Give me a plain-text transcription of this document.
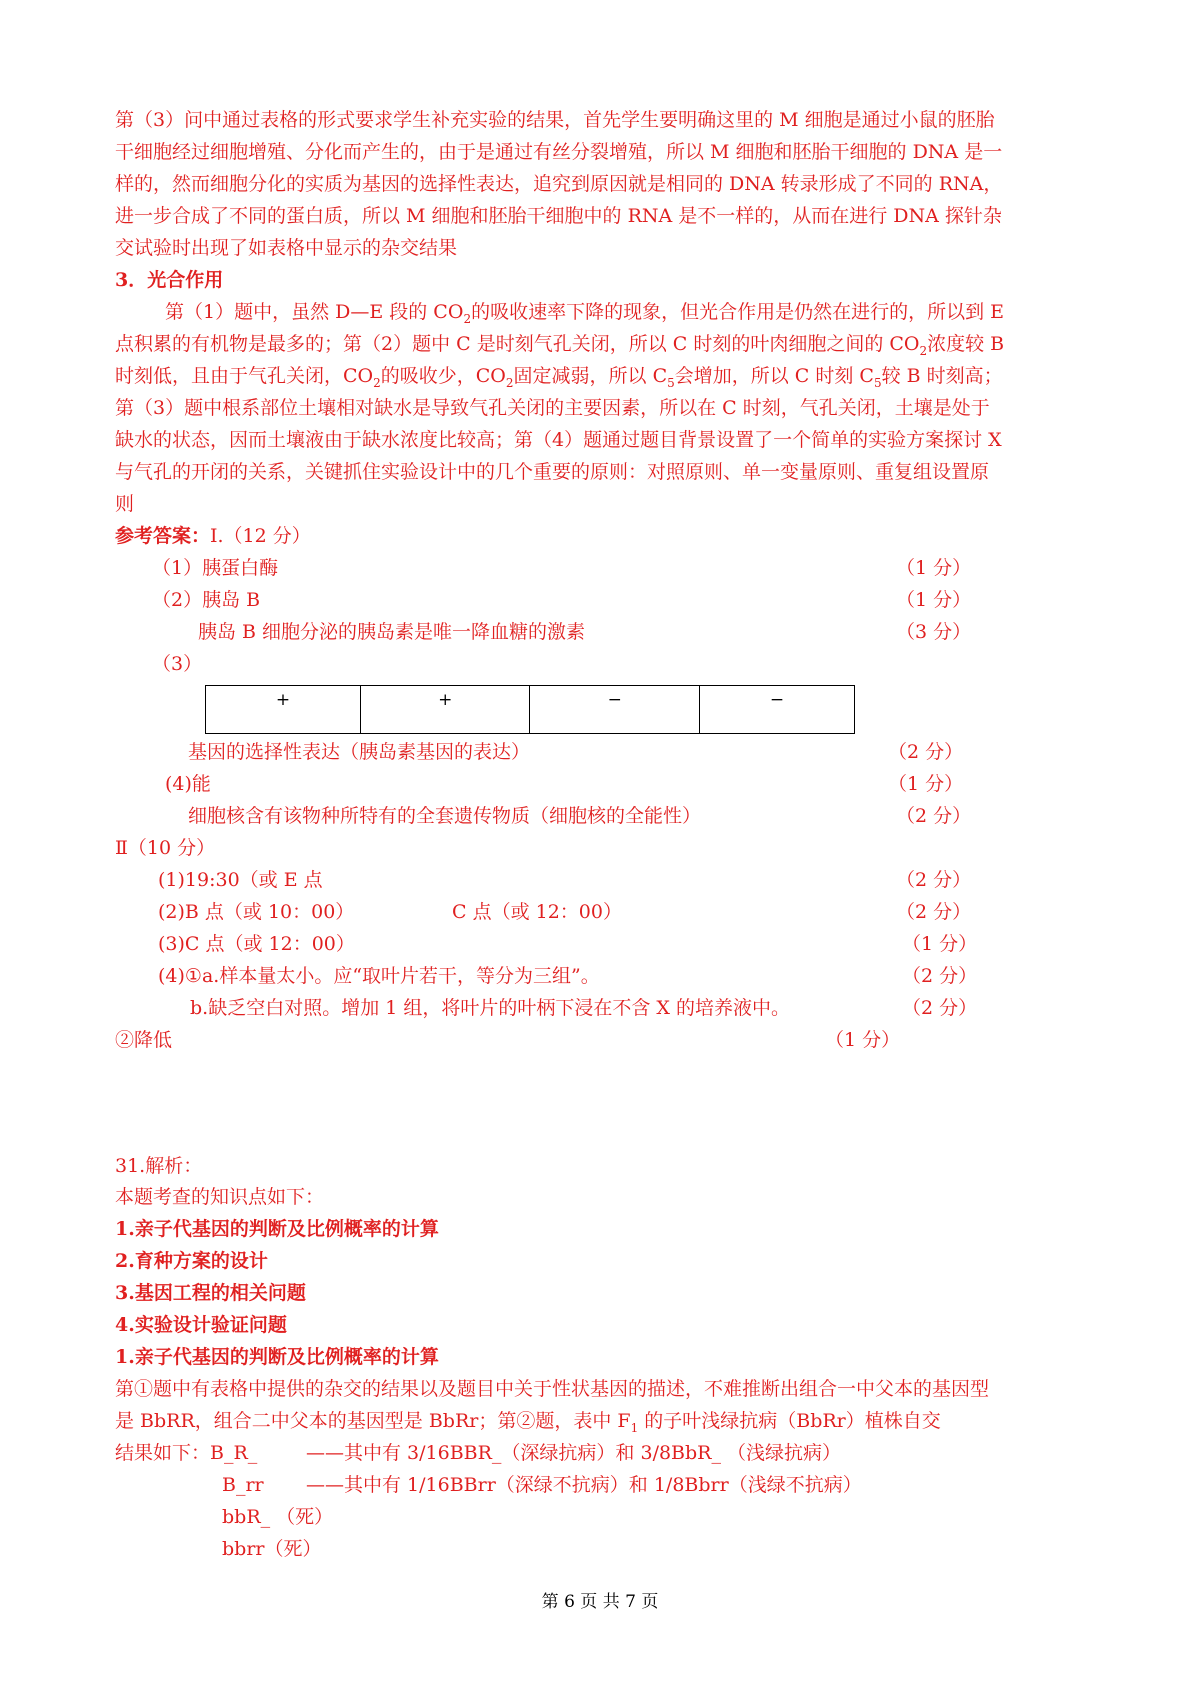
第（3）问中通过表格的形式要求学生补充实验的结果，首先学生要明确这里的 M 细胞是通过小鼠的胚胎
干细胞经过细胞增殖、分化而产生的，由于是通过有丝分裂增殖，所以 M 细胞和胚胎干细胞的 DNA 是一
样的，然而细胞分化的实质为基因的选择性表达，追究到原因就是相同的 DNA 转录形成了不同的 RNA，
进一步合成了不同的蛋白质，所以 M 细胞和胚胎干细胞中的 RNA 是不一样的，从而在进行 DNA 探针杂
交试验时出现了如表格中显示的杂交结果
3．光合作用
第（1）题中，虽然 D—E 段的 $CO_2$的吸收速率下降的现象，但光合作用是仍然在进行的，所以到 E
点积累的有机物是最多的；第（2）题中 C 是时刻气孔关闭，所以 C 时刻的叶肉细胞之间的 $CO_2$浓度较 B
时刻低，且由于气孔关闭，$CO_2$的吸收少，$CO_2$固定减弱，所以 $C_5$会增加，所以 C 时刻 $C_5$较 B 时刻高；
第（3）题中根系部位土壤相对缺水是导致气孔关闭的主要因素，所以在 C 时刻，气孔关闭，土壤是处于
缺水的状态，因而土壤液由于缺水浓度比较高；第（4）题通过题目背景设置了一个简单的实验方案探讨 X
与气孔的开闭的关系，关键抓住实验设计中的几个重要的原则：对照原则、单一变量原则、重复组设置原
则
参考答案：Ⅰ.（12 分）
（1）胰蛋白酶	（1 分）
（2）胰岛 B	（1 分）
胰岛 B 细胞分泌的胰岛素是唯一降血糖的激素	（3 分）
（3）
+	+	−	−
基因的选择性表达（胰岛素基因的表达）	（2 分）
(4)能	（1 分）
细胞核含有该物种所特有的全套遗传物质（细胞核的全能性）	（2 分）
Ⅱ（10 分）
(1)19:30（或 E 点	（2 分）
(2)B 点（或 10：00）	C 点（或 12：00）	（2 分）
(3)C 点（或 12：00）	（1 分）
(4)①a.样本量太小。应“取叶片若干，等分为三组”。	（2 分）
b.缺乏空白对照。增加 1 组，将叶片的叶柄下浸在不含 X 的培养液中。	（2 分）
②降低	（1 分）
31.解析：
本题考查的知识点如下：
1.亲子代基因的判断及比例概率的计算
2.育种方案的设计
3.基因工程的相关问题
4.实验设计验证问题
1.亲子代基因的判断及比例概率的计算
第①题中有表格中提供的杂交的结果以及题目中关于性状基因的描述，不难推断出组合一中父本的基因型
是 BbRR，组合二中父本的基因型是 BbRr；第②题，表中 $F_1$ 的子叶浅绿抗病（BbRr）植株自交
结果如下：B_R_	——其中有 3/16BBR_（深绿抗病）和 3/8BbR_ （浅绿抗病）
B_rr ——其中有 1/16BBrr（深绿不抗病）和 1/8Bbrr（浅绿不抗病）
bbR_ （死）
bbrr（死）
第 6 页 共 7 页
